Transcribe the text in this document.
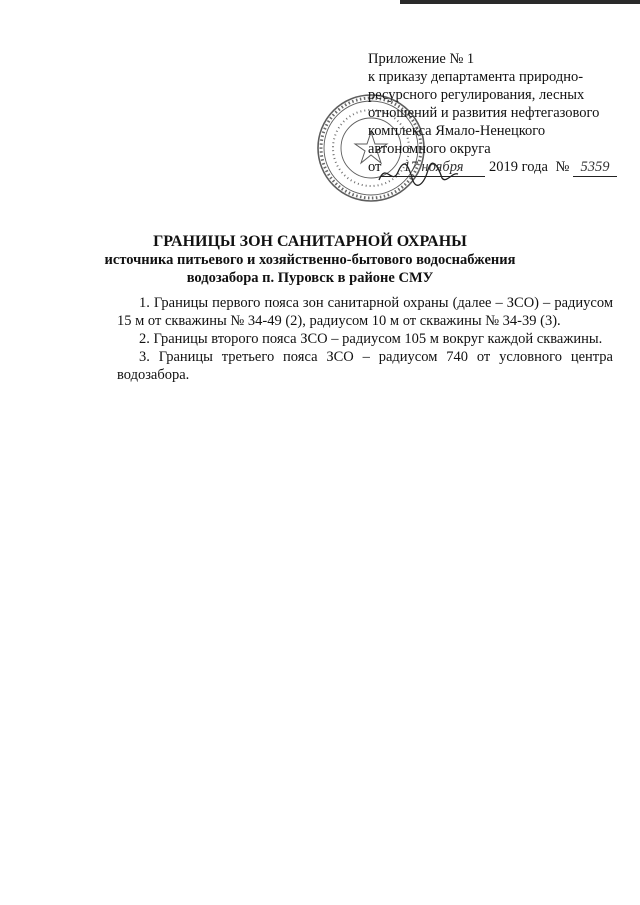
Приложение № 1
к приказу департамента природно-
ресурсного регулирования, лесных
отношений и развития нефтегазового
комплекса Ямало-Ненецкого
автономного округа
от 17 ноября 2019 года № 5359
ГРАНИЦЫ ЗОН САНИТАРНОЙ ОХРАНЫ
источника питьевого и хозяйственно-бытового водоснабжения
водозабора п. Пуровск в районе СМУ

1. Границы первого пояса зон санитарной охраны (далее – ЗСО) – радиусом 15 м от скважины № 34-49 (2), радиусом 10 м от скважины № 34-39 (3).

2. Границы второго пояса ЗСО – радиусом 105 м вокруг каждой скважины.

3. Границы третьего пояса ЗСО – радиусом 740 от условного центра водозабора.
